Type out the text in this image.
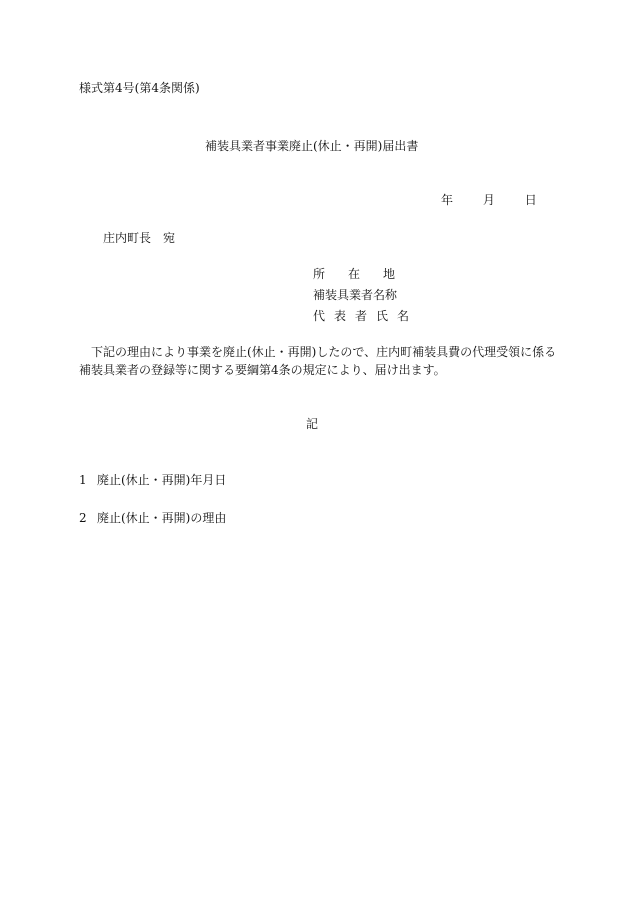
様式第4号(第4条関係)
補装具業者事業廃止(休止・再開)届出書
年 月 日
庄内町長　宛
所在地
補装具業者名称
代表者氏名
下記の理由により事業を廃止(休止・再開)したので、庄内町補装具費の代理受領に係る
補装具業者の登録等に関する要綱第4条の規定により、届け出ます。
記
1 廃止(休止・再開)年月日
2 廃止(休止・再開)の理由
